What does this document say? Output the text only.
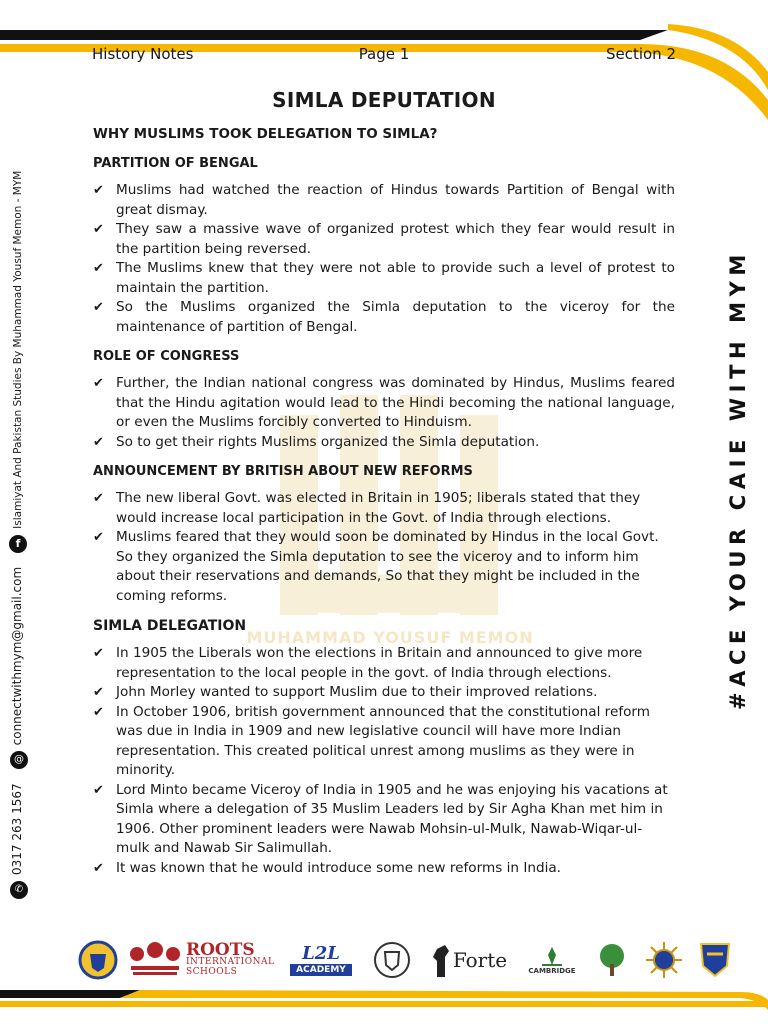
MUHAMMAD YOUSUF MEMON
History Notes	Page 1	Section 2
SIMLA DEPUTATION
WHY MUSLIMS TOOK DELEGATION TO SIMLA?
PARTITION OF BENGAL
✔ Muslims had watched the reaction of Hindus towards Partition of Bengal with great dismay.
✔ They saw a massive wave of organized protest which they fear would result in the partition being reversed.
✔ The Muslims knew that they were not able to provide such a level of protest to maintain the partition.
✔ So the Muslims organized the Simla deputation to the viceroy for the maintenance of partition of Bengal.
ROLE OF CONGRESS
✔ Further, the Indian national congress was dominated by Hindus, Muslims feared that the Hindu agitation would lead to the Hindi becoming the national language, or even the Muslims forcibly converted to Hinduism.
✔ So to get their rights Muslims organized the Simla deputation.
ANNOUNCEMENT BY BRITISH ABOUT NEW REFORMS
✔ The new liberal Govt. was elected in Britain in 1905; liberals stated that they would increase local participation in the Govt. of India through elections.
✔ Muslims feared that they would soon be dominated by Hindus in the local Govt. So they organized the Simla deputation to see the viceroy and to inform him about their reservations and demands, So that they might be included in the coming reforms.
SIMLA DELEGATION
✔ In 1905 the Liberals won the elections in Britain and announced to give more representation to the local people in the govt. of India through elections.
✔ John Morley wanted to support Muslim due to their improved relations.
✔ In October 1906, british government announced that the constitutional reform was due in India in 1909 and new legislative council will have more Indian representation. This created political unrest among muslims as they were in minority.
✔ Lord Minto became Viceroy of India in 1905 and he was enjoying his vacations at Simla where a delegation of 35 Muslim Leaders led by Sir Agha Khan met him in 1906. Other prominent leaders were Nawab Mohsin-ul-Mulk, Nawab-Wiqar-ul-mulk and Nawab Sir Salimullah.
✔ It was known that he would introduce some new reforms in India.
✆0317 263 1567@connectwithmym@gmail.comfIslamiyat And Pakistan Studies By Muhammad Yousuf Memon - MYM	#ACE YOUR CAIE WITH MYM
ROOTS
INTERNATIONAL SCHOOLS
L2L
ACADEMY	Forte	CAMBRIDGE
